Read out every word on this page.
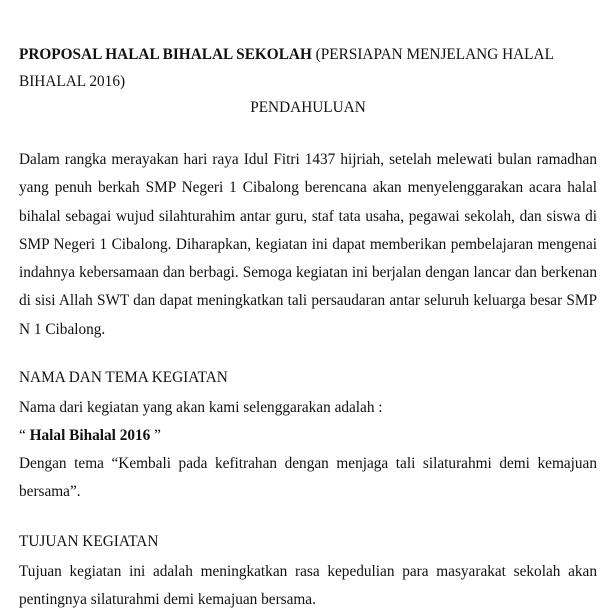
PROPOSAL HALAL BIHALAL SEKOLAH (PERSIAPAN MENJELANG HALAL BIHALAL 2016)

PENDAHULUAN

Dalam rangka merayakan hari raya Idul Fitri 1437 hijriah, setelah melewati bulan ramadhan yang penuh berkah SMP Negeri 1 Cibalong berencana akan menyelenggarakan acara halal bihalal sebagai wujud silahturahim antar guru, staf tata usaha, pegawai sekolah, dan siswa di SMP Negeri 1 Cibalong. Diharapkan, kegiatan ini dapat memberikan pembelajaran mengenai indahnya kebersamaan dan berbagi. Semoga kegiatan ini berjalan dengan lancar dan berkenan di sisi Allah SWT dan dapat meningkatkan tali persaudaran antar seluruh keluarga besar SMP N 1 Cibalong.

NAMA DAN TEMA KEGIATAN

Nama dari kegiatan yang akan kami selenggarakan adalah :

“ Halal Bihalal 2016 ”

Dengan tema “Kembali pada kefitrahan dengan menjaga tali silaturahmi demi kemajuan bersama”.

TUJUAN KEGIATAN

Tujuan kegiatan ini adalah meningkatkan rasa kepedulian para masyarakat sekolah akan pentingnya silaturahmi demi kemajuan bersama.
